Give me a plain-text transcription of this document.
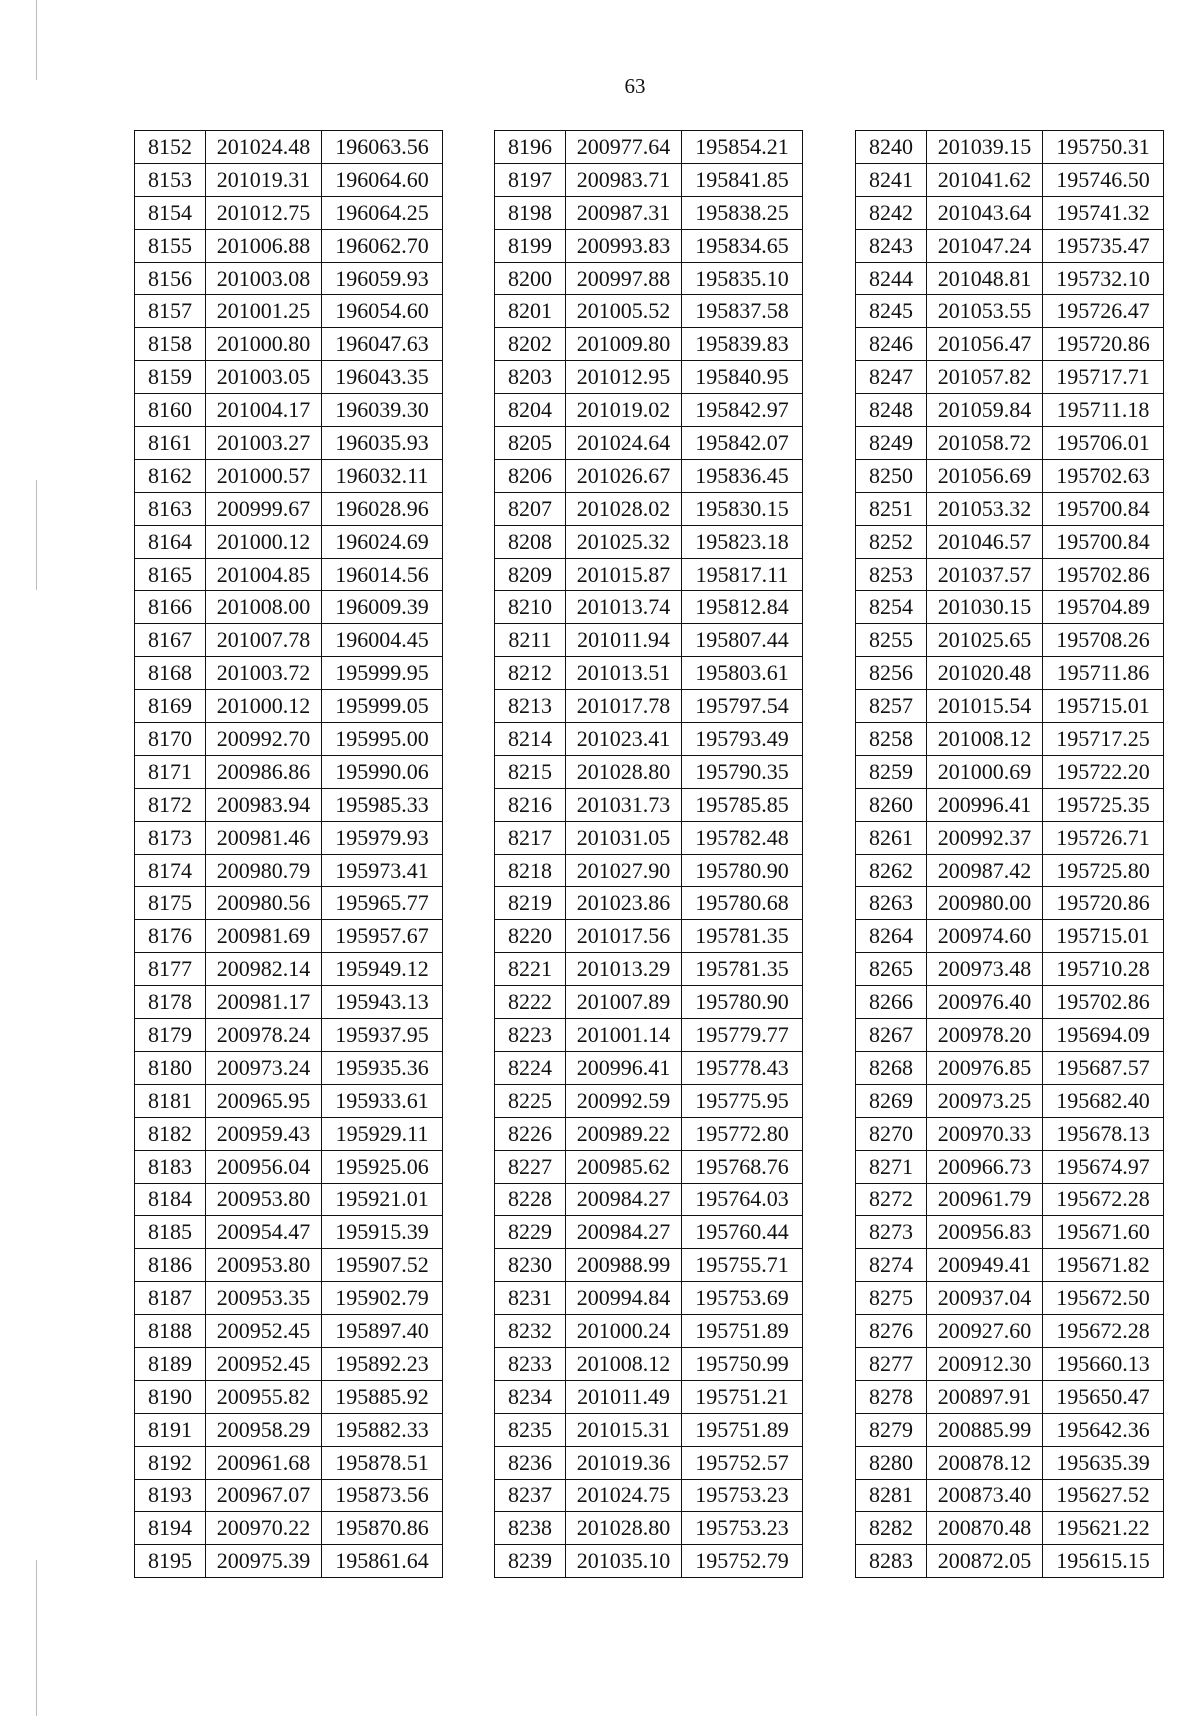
63
8152	201024.48	196063.56
8153	201019.31	196064.60
8154	201012.75	196064.25
8155	201006.88	196062.70
8156	201003.08	196059.93
8157	201001.25	196054.60
8158	201000.80	196047.63
8159	201003.05	196043.35
8160	201004.17	196039.30
8161	201003.27	196035.93
8162	201000.57	196032.11
8163	200999.67	196028.96
8164	201000.12	196024.69
8165	201004.85	196014.56
8166	201008.00	196009.39
8167	201007.78	196004.45
8168	201003.72	195999.95
8169	201000.12	195999.05
8170	200992.70	195995.00
8171	200986.86	195990.06
8172	200983.94	195985.33
8173	200981.46	195979.93
8174	200980.79	195973.41
8175	200980.56	195965.77
8176	200981.69	195957.67
8177	200982.14	195949.12
8178	200981.17	195943.13
8179	200978.24	195937.95
8180	200973.24	195935.36
8181	200965.95	195933.61
8182	200959.43	195929.11
8183	200956.04	195925.06
8184	200953.80	195921.01
8185	200954.47	195915.39
8186	200953.80	195907.52
8187	200953.35	195902.79
8188	200952.45	195897.40
8189	200952.45	195892.23
8190	200955.82	195885.92
8191	200958.29	195882.33
8192	200961.68	195878.51
8193	200967.07	195873.56
8194	200970.22	195870.86
8195	200975.39	195861.64
8196	200977.64	195854.21
8197	200983.71	195841.85
8198	200987.31	195838.25
8199	200993.83	195834.65
8200	200997.88	195835.10
8201	201005.52	195837.58
8202	201009.80	195839.83
8203	201012.95	195840.95
8204	201019.02	195842.97
8205	201024.64	195842.07
8206	201026.67	195836.45
8207	201028.02	195830.15
8208	201025.32	195823.18
8209	201015.87	195817.11
8210	201013.74	195812.84
8211	201011.94	195807.44
8212	201013.51	195803.61
8213	201017.78	195797.54
8214	201023.41	195793.49
8215	201028.80	195790.35
8216	201031.73	195785.85
8217	201031.05	195782.48
8218	201027.90	195780.90
8219	201023.86	195780.68
8220	201017.56	195781.35
8221	201013.29	195781.35
8222	201007.89	195780.90
8223	201001.14	195779.77
8224	200996.41	195778.43
8225	200992.59	195775.95
8226	200989.22	195772.80
8227	200985.62	195768.76
8228	200984.27	195764.03
8229	200984.27	195760.44
8230	200988.99	195755.71
8231	200994.84	195753.69
8232	201000.24	195751.89
8233	201008.12	195750.99
8234	201011.49	195751.21
8235	201015.31	195751.89
8236	201019.36	195752.57
8237	201024.75	195753.23
8238	201028.80	195753.23
8239	201035.10	195752.79
8240	201039.15	195750.31
8241	201041.62	195746.50
8242	201043.64	195741.32
8243	201047.24	195735.47
8244	201048.81	195732.10
8245	201053.55	195726.47
8246	201056.47	195720.86
8247	201057.82	195717.71
8248	201059.84	195711.18
8249	201058.72	195706.01
8250	201056.69	195702.63
8251	201053.32	195700.84
8252	201046.57	195700.84
8253	201037.57	195702.86
8254	201030.15	195704.89
8255	201025.65	195708.26
8256	201020.48	195711.86
8257	201015.54	195715.01
8258	201008.12	195717.25
8259	201000.69	195722.20
8260	200996.41	195725.35
8261	200992.37	195726.71
8262	200987.42	195725.80
8263	200980.00	195720.86
8264	200974.60	195715.01
8265	200973.48	195710.28
8266	200976.40	195702.86
8267	200978.20	195694.09
8268	200976.85	195687.57
8269	200973.25	195682.40
8270	200970.33	195678.13
8271	200966.73	195674.97
8272	200961.79	195672.28
8273	200956.83	195671.60
8274	200949.41	195671.82
8275	200937.04	195672.50
8276	200927.60	195672.28
8277	200912.30	195660.13
8278	200897.91	195650.47
8279	200885.99	195642.36
8280	200878.12	195635.39
8281	200873.40	195627.52
8282	200870.48	195621.22
8283	200872.05	195615.15
